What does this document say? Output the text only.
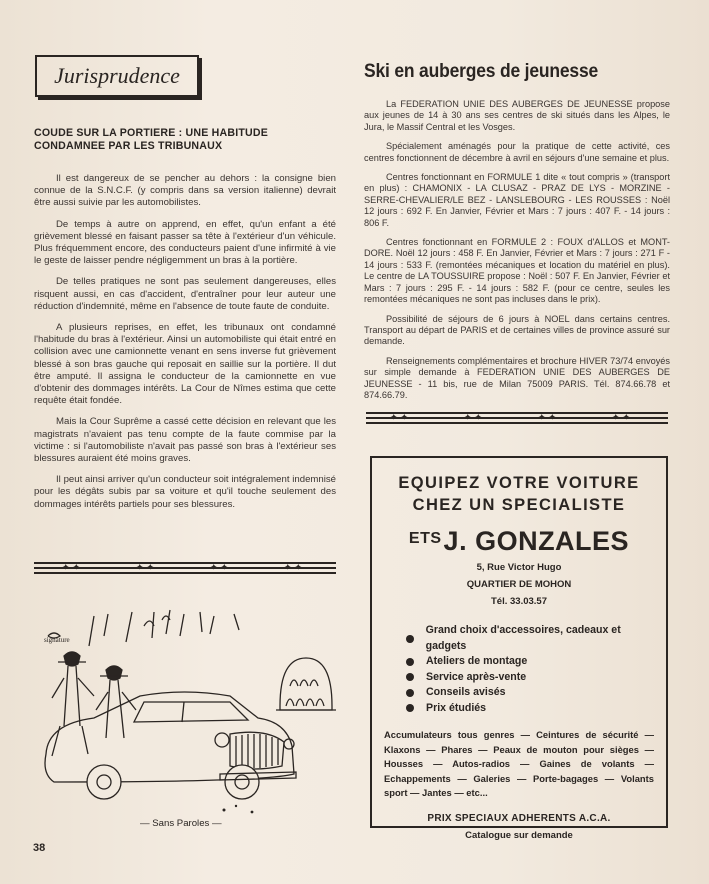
Jurisprudence
COUDE SUR LA PORTIERE : UNE HABITUDE CONDAMNEE PAR LES TRIBUNAUX

Il est dangereux de se pencher au dehors : la consigne bien connue de la S.N.C.F. (y compris dans sa version italienne) devrait être aussi suivie par les automobilistes.

De temps à autre on apprend, en effet, qu'un enfant a été grièvement blessé en faisant passer sa tête à l'extérieur d'un véhicule. Plus fréquemment encore, des conducteurs paient d'une infirmité à vie le geste de laisser pendre négligemment un bras à la portière.

De telles pratiques ne sont pas seulement dangereuses, elles risquent aussi, en cas d'accident, d'entraîner pour leur auteur une réduction d'indemnité, même en l'absence de toute faute de conduite.

A plusieurs reprises, en effet, les tribunaux ont condamné l'habitude du bras à l'extérieur. Ainsi un automobiliste qui était entré en collision avec une camionnette venant en sens inverse fut grièvement blessé à son bras gauche qui reposait en saillie sur la portière. Il dut être amputé. Il assigna le conducteur de la camionnette en vue d'obtenir des dommages intérêts. La Cour de Nîmes estima que cette requête était fondée.

Mais la Cour Suprême a cassé cette décision en relevant que les magistrats n'avaient pas tenu compte de la faute commise par la victime : si l'automobiliste n'avait pas passé son bras à l'extérieur ses blessures auraient été moins graves.

Il peut ainsi arriver qu'un conducteur soit intégralement indemnisé pour les dégâts subis par sa voiture et qu'il touche seulement des dommages intérêts partiels pour ses blessures.

✦·✦	✦·✦	✦·✦	✦·✦
signature
— Sans Paroles —
38
Ski en auberges de jeunesse

La FEDERATION UNIE DES AUBERGES DE JEUNESSE propose aux jeunes de 14 à 30 ans ses centres de ski situés dans les Alpes, le Jura, le Massif Central et les Vosges.

Spécialement aménagés pour la pratique de cette activité, ces centres fonctionnent de décembre à avril en séjours d'une semaine et plus.

Centres fonctionnant en FORMULE 1 dite « tout compris » (transport en plus) : CHAMONIX - LA CLUSAZ - PRAZ DE LYS - MORZINE - SERRE-CHEVALIER/LE BEZ - LANSLEBOURG - LES ROUSSES : Noël 12 jours : 692 F. En Janvier, Février et Mars : 7 jours : 407 F. - 14 jours : 806 F.

Centres fonctionnant en FORMULE 2 : FOUX d'ALLOS et MONT-DORE. Noël 12 jours : 458 F. En Janvier, Février et Mars : 7 jours : 271 F - 14 jours : 533 F. (remontées mécaniques et location du matériel en plus). Le centre de LA TOUSSUIRE propose : Noël : 507 F. En Janvier, Février et Mars : 7 jours : 295 F. - 14 jours : 582 F. (pour ce centre, seules les remontées mécaniques ne sont pas incluses dans le prix).

Possibilité de séjours de 6 jours à NOEL dans certains centres. Transport au départ de PARIS et de certaines villes de province assuré sur demande.

Renseignements complémentaires et brochure HIVER 73/74 envoyés sur simple demande à FEDERATION UNIE DES AUBERGES DE JEUNESSE - 11 bis, rue de Milan 75009 PARIS. Tél. 874.66.78 et 874.66.79.

✦·✦	✦·✦	✦·✦	✦·✦
EQUIPEZ VOTRE VOITURE
CHEZ UN SPECIALISTE
$^{ETS}$J. GONZALES
5, Rue Victor Hugo
QUARTIER DE MOHON
Tél. 33.03.57
Grand choix d'accessoires, cadeaux et gadgets
Ateliers de montage
Service après-vente
Conseils avisés
Prix étudiés
Accumulateurs tous genres — Ceintures de sécurité — Klaxons — Phares — Peaux de mouton pour sièges — Housses — Autos-radios — Gaines de volants — Echappements — Galeries — Porte-bagages — Volants sport — Jantes — etc...
PRIX SPECIAUX ADHERENTS A.C.A.
Catalogue sur demande
